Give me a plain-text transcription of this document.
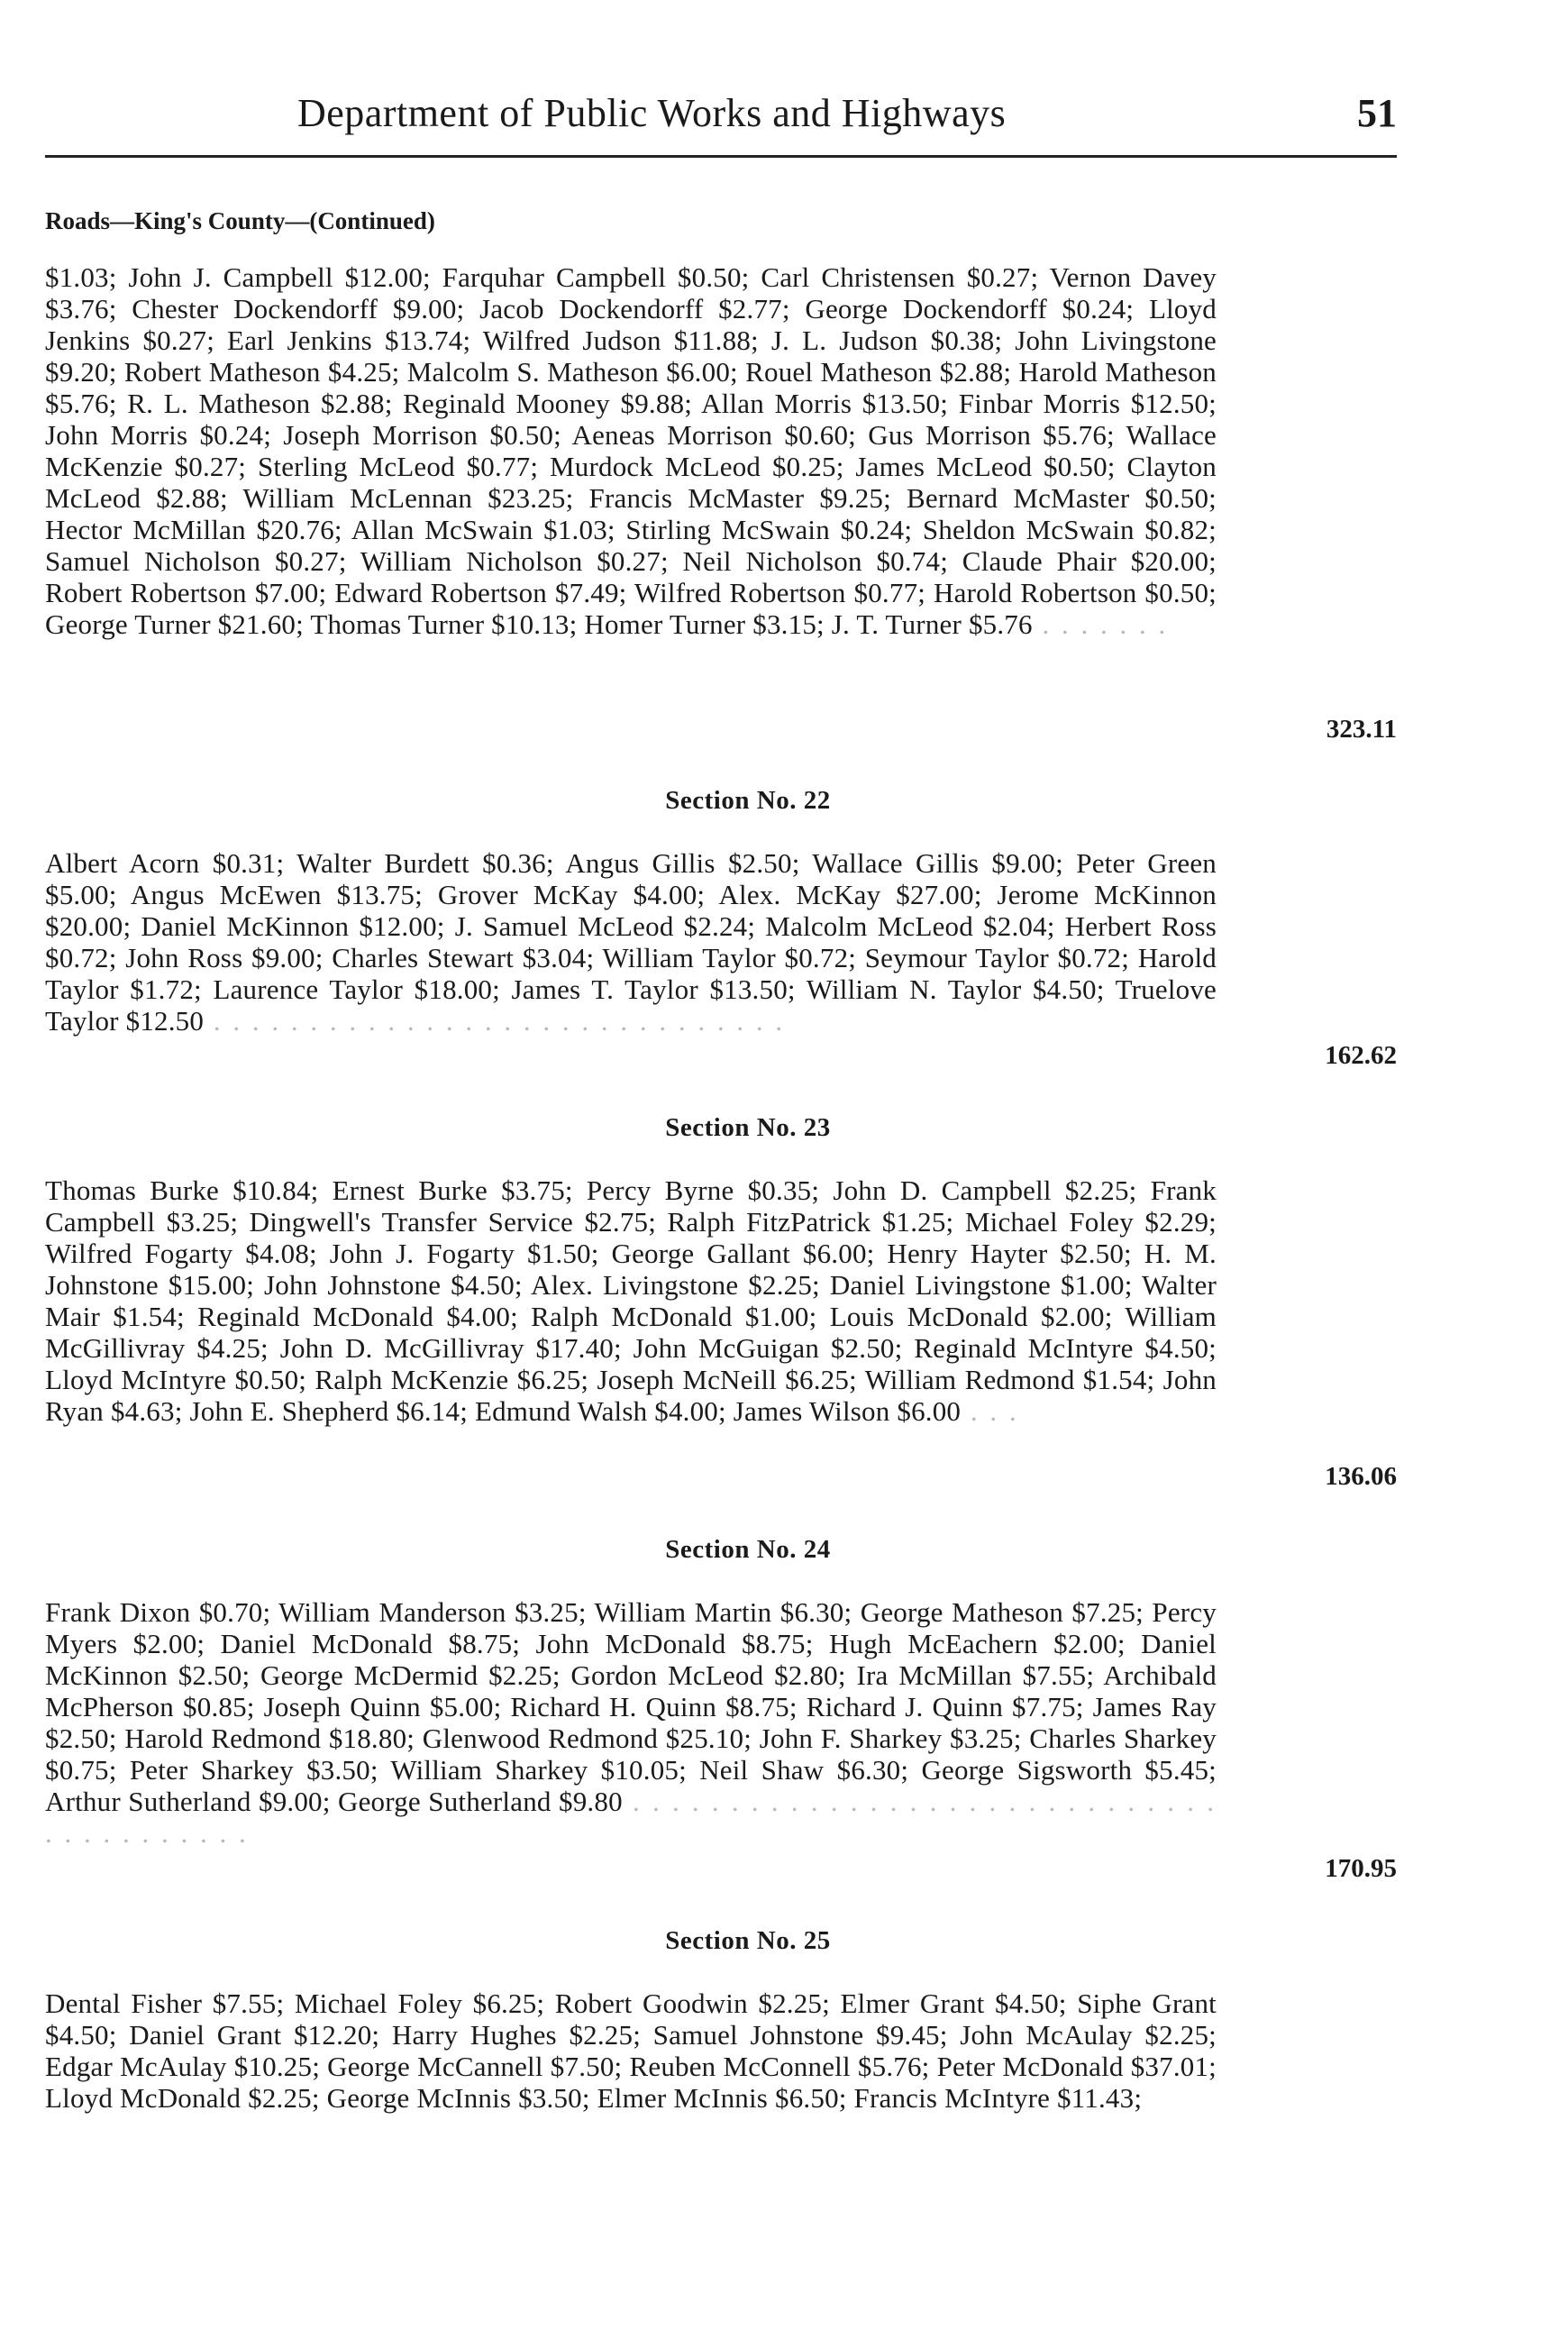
Department of Public Works and Highways	51
Roads—King's County—(Continued)
$1.03; John J. Campbell $12.00; Farquhar Campbell $0.50; Carl Christensen $0.27; Vernon Davey $3.76; Chester Dockendorff $9.00; Jacob Dockendorff $2.77; George Dockendorff $0.24; Lloyd Jenkins $0.27; Earl Jenkins $13.74; Wilfred Judson $11.88; J. L. Judson $0.38; John Livingstone $9.20; Robert Matheson $4.25; Malcolm S. Matheson $6.00; Rouel Matheson $2.88; Harold Matheson $5.76; R. L. Matheson $2.88; Reginald Mooney $9.88; Allan Morris $13.50; Finbar Morris $12.50; John Morris $0.24; Joseph Morrison $0.50; Aeneas Morrison $0.60; Gus Morrison $5.76; Wallace McKenzie $0.27; Sterling McLeod $0.77; Murdock McLeod $0.25; James McLeod $0.50; Clayton McLeod $2.88; William McLennan $23.25; Francis McMaster $9.25; Bernard McMaster $0.50; Hector McMillan $20.76; Allan McSwain $1.03; Stirling McSwain $0.24; Sheldon McSwain $0.82; Samuel Nicholson $0.27; William Nicholson $0.27; Neil Nicholson $0.74; Claude Phair $20.00; Robert Robertson $7.00; Edward Robertson $7.49; Wilfred Robertson $0.77; Harold Robertson $0.50; George Turner $21.60; Thomas Turner $10.13; Homer Turner $3.15; J. T. Turner $5.76 . . . . . . .
323.11
Section No. 22
Albert Acorn $0.31; Walter Burdett $0.36; Angus Gillis $2.50; Wallace Gillis $9.00; Peter Green $5.00; Angus McEwen $13.75; Grover McKay $4.00; Alex. McKay $27.00; Jerome McKinnon $20.00; Daniel McKinnon $12.00; J. Samuel McLeod $2.24; Malcolm McLeod $2.04; Herbert Ross $0.72; John Ross $9.00; Charles Stewart $3.04; William Taylor $0.72; Seymour Taylor $0.72; Harold Taylor $1.72; Laurence Taylor $18.00; James T. Taylor $13.50; William N. Taylor $4.50; Truelove Taylor $12.50 . . . . . . . . . . . . . . . . . . . . . . . . . . . . . .
162.62
Section No. 23
Thomas Burke $10.84; Ernest Burke $3.75; Percy Byrne $0.35; John D. Campbell $2.25; Frank Campbell $3.25; Dingwell's Transfer Service $2.75; Ralph FitzPatrick $1.25; Michael Foley $2.29; Wilfred Fogarty $4.08; John J. Fogarty $1.50; George Gallant $6.00; Henry Hayter $2.50; H. M. Johnstone $15.00; John Johnstone $4.50; Alex. Livingstone $2.25; Daniel Livingstone $1.00; Walter Mair $1.54; Reginald McDonald $4.00; Ralph McDonald $1.00; Louis McDonald $2.00; William McGillivray $4.25; John D. McGillivray $17.40; John McGuigan $2.50; Reginald McIntyre $4.50; Lloyd McIntyre $0.50; Ralph McKenzie $6.25; Joseph McNeill $6.25; William Redmond $1.54; John Ryan $4.63; John E. Shepherd $6.14; Edmund Walsh $4.00; James Wilson $6.00 . . .
136.06
Section No. 24
Frank Dixon $0.70; William Manderson $3.25; William Martin $6.30; George Matheson $7.25; Percy Myers $2.00; Daniel McDonald $8.75; John McDonald $8.75; Hugh McEachern $2.00; Daniel McKinnon $2.50; George McDermid $2.25; Gordon McLeod $2.80; Ira McMillan $7.55; Archibald McPherson $0.85; Joseph Quinn $5.00; Richard H. Quinn $8.75; Richard J. Quinn $7.75; James Ray $2.50; Harold Redmond $18.80; Glenwood Redmond $25.10; John F. Sharkey $3.25; Charles Sharkey $0.75; Peter Sharkey $3.50; William Sharkey $10.05; Neil Shaw $6.30; George Sigsworth $5.45; Arthur Sutherland $9.00; George Sutherland $9.80 . . . . . . . . . . . . . . . . . . . . . . . . . . . . . . . . . . . . . . . . .
170.95
Section No. 25
Dental Fisher $7.55; Michael Foley $6.25; Robert Goodwin $2.25; Elmer Grant $4.50; Siphe Grant $4.50; Daniel Grant $12.20; Harry Hughes $2.25; Samuel Johnstone $9.45; John McAulay $2.25; Edgar McAulay $10.25; George McCannell $7.50; Reuben McConnell $5.76; Peter McDonald $37.01; Lloyd McDonald $2.25; George McInnis $3.50; Elmer McInnis $6.50; Francis McIntyre $11.43;
